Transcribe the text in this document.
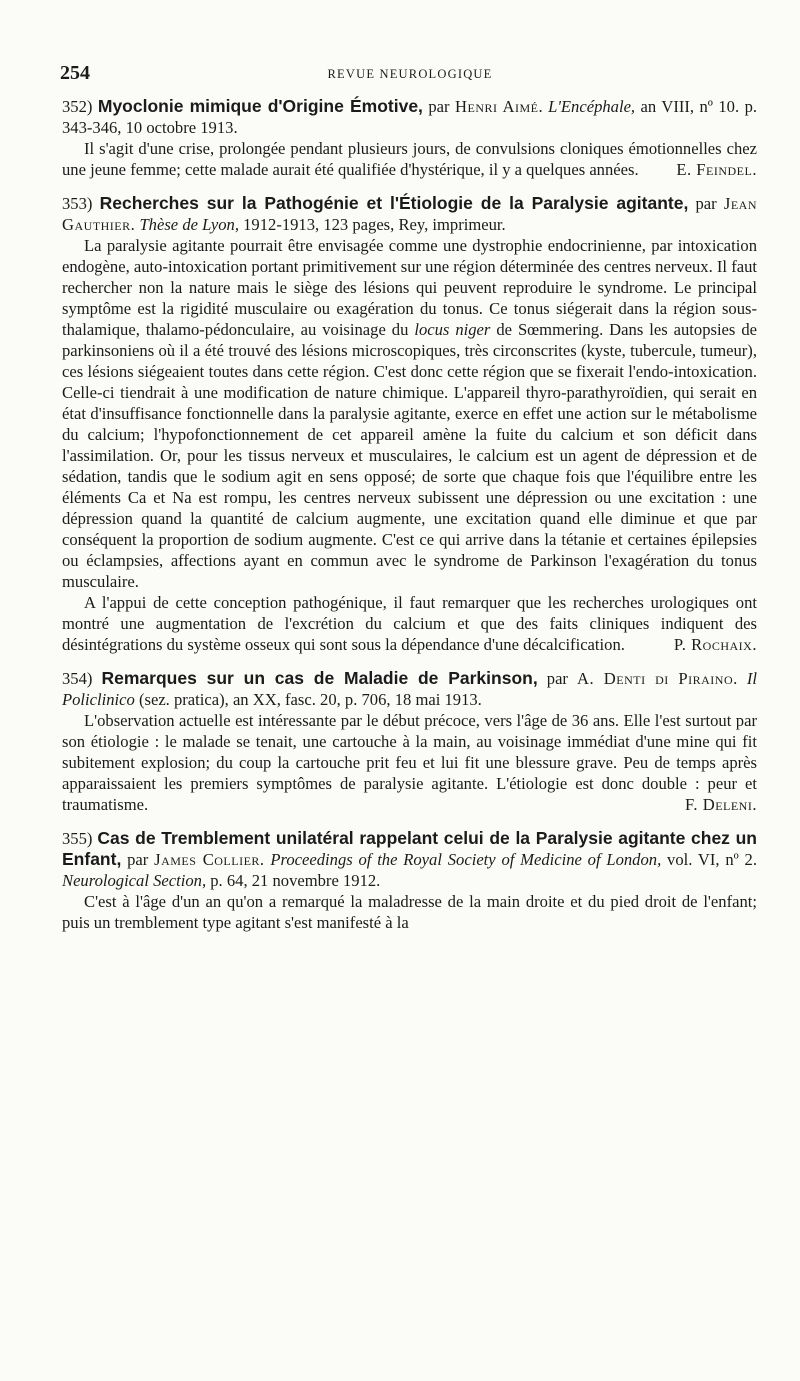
254	REVUE NEUROLOGIQUE

352) Myoclonie mimique d'Origine Émotive, par Henri Aimé. L'Encéphale, an VIII, nº 10. p. 343-346, 10 octobre 1913.

Il s'agit d'une crise, prolongée pendant plusieurs jours, de convulsions cloniques émotionnelles chez une jeune femme; cette malade aurait été qualifiée d'hystérique, il y a quelques années.	E. Feindel.

353) Recherches sur la Pathogénie et l'Étiologie de la Paralysie agitante, par Jean Gauthier. Thèse de Lyon, 1912-1913, 123 pages, Rey, imprimeur.

La paralysie agitante pourrait être envisagée comme une dystrophie endocrinienne, par intoxication endogène, auto-intoxication portant primitivement sur une région déterminée des centres nerveux. Il faut rechercher non la nature mais le siège des lésions qui peuvent reproduire le syndrome. Le principal symptôme est la rigidité musculaire ou exagération du tonus. Ce tonus siégerait dans la région sous-thalamique, thalamo-pédonculaire, au voisinage du locus niger de Sœmmering. Dans les autopsies de parkinsoniens où il a été trouvé des lésions microscopiques, très circonscrites (kyste, tubercule, tumeur), ces lésions siégeaient toutes dans cette région. C'est donc cette région que se fixerait l'endo-intoxication. Celle-ci tiendrait à une modification de nature chimique. L'appareil thyro-parathyroïdien, qui serait en état d'insuffisance fonctionnelle dans la paralysie agitante, exerce en effet une action sur le métabolisme du calcium; l'hypofonctionnement de cet appareil amène la fuite du calcium et son déficit dans l'assimilation. Or, pour les tissus nerveux et musculaires, le calcium est un agent de dépression et de sédation, tandis que le sodium agit en sens opposé; de sorte que chaque fois que l'équilibre entre les éléments Ca et Na est rompu, les centres nerveux subissent une dépression ou une excitation : une dépression quand la quantité de calcium augmente, une excitation quand elle diminue et que par conséquent la proportion de sodium augmente. C'est ce qui arrive dans la tétanie et certaines épilepsies ou éclampsies, affections ayant en commun avec le syndrome de Parkinson l'exagération du tonus musculaire.

A l'appui de cette conception pathogénique, il faut remarquer que les recherches urologiques ont montré une augmentation de l'excrétion du calcium et que des faits cliniques indiquent des désintégrations du système osseux qui sont sous la dépendance d'une décalcification.	P. Rochaix.

354) Remarques sur un cas de Maladie de Parkinson, par A. Denti di Piraino. Il Policlinico (sez. pratica), an XX, fasc. 20, p. 706, 18 mai 1913.

L'observation actuelle est intéressante par le début précoce, vers l'âge de 36 ans. Elle l'est surtout par son étiologie : le malade se tenait, une cartouche à la main, au voisinage immédiat d'une mine qui fit subitement explosion; du coup la cartouche prit feu et lui fit une blessure grave. Peu de temps après apparaissaient les premiers symptômes de paralysie agitante. L'étiologie est donc double : peur et traumatisme.	F. Deleni.

355) Cas de Tremblement unilatéral rappelant celui de la Paralysie agitante chez un Enfant, par James Collier. Proceedings of the Royal Society of Medicine of London, vol. VI, nº 2. Neurological Section, p. 64, 21 novembre 1912.

C'est à l'âge d'un an qu'on a remarqué la maladresse de la main droite et du pied droit de l'enfant; puis un tremblement type agitant s'est manifesté à la
